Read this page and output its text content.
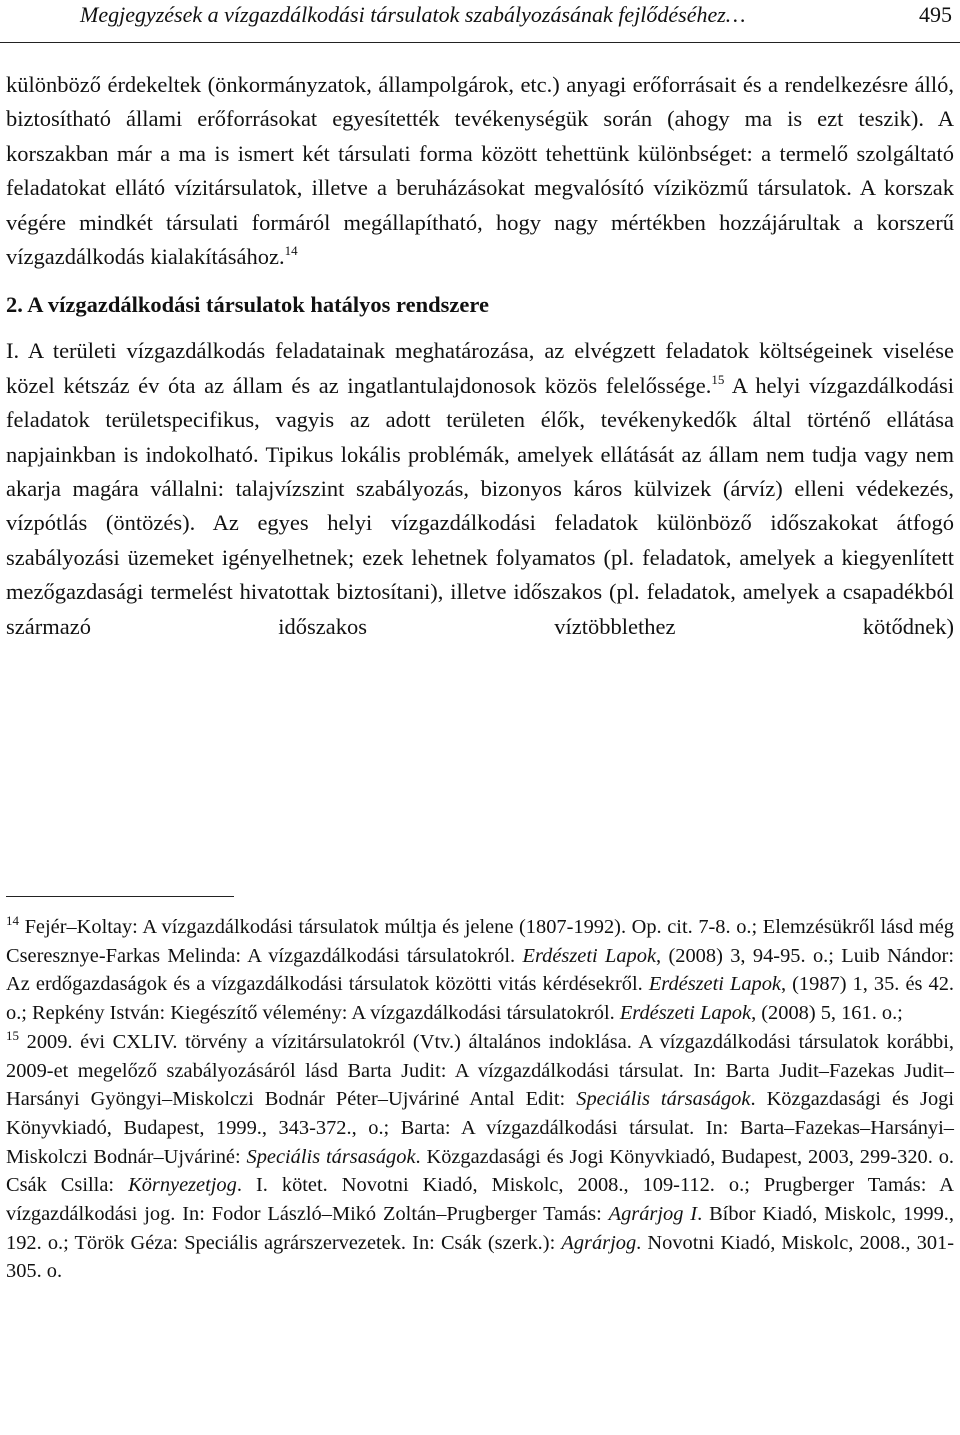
Megjegyzések a vízgazdálkodási társulatok szabályozásának fejlődéséhez…	495

különböző érdekeltek (önkormányzatok, állampolgárok, etc.) anyagi erőforrásait és a rendelkezésre álló, biztosítható állami erőforrásokat egyesítették tevékenységük során (ahogy ma is ezt teszik). A korszakban már a ma is ismert két társulati forma között tehettünk különbséget: a termelő szolgáltató feladatokat ellátó vízitársulatok, illetve a beruházásokat megvalósító víziközmű társulatok. A korszak végére mindkét társulati formáról megállapítható, hogy nagy mértékben hozzájárultak a korszerű vízgazdálkodás kialakításához.$^{14}$

2. A vízgazdálkodási társulatok hatályos rendszere

I. A területi vízgazdálkodás feladatainak meghatározása, az elvégzett feladatok költségeinek viselése közel kétszáz év óta az állam és az ingatlantulajdonosok közös felelőssége.$^{15}$ A helyi vízgazdálkodási feladatok területspecifikus, vagyis az adott területen élők, tevékenykedők által történő ellátása napjainkban is indokolható. Tipikus lokális problémák, amelyek ellátását az állam nem tudja vagy nem akarja magára vállalni: talajvízszint szabályozás, bizonyos káros külvizek (árvíz) elleni védekezés, vízpótlás (öntözés). Az egyes helyi vízgazdálkodási feladatok különböző időszakokat átfogó szabályozási üzemeket igényelhetnek; ezek lehetnek folyamatos (pl. feladatok, amelyek a kiegyenlített mezőgazdasági termelést hivatottak biztosítani), illetve időszakos (pl. feladatok, amelyek a csapadékból származó időszakos víztöbblethez kötődnek)

$^{14}$ Fejér–Koltay: A vízgazdálkodási társulatok múltja és jelene (1807-1992). Op. cit. 7-8. o.; Elemzésükről lásd még Cseresznye-Farkas Melinda: A vízgazdálkodási társulatokról. Erdészeti Lapok, (2008) 3, 94-95. o.; Luib Nándor: Az erdőgazdaságok és a vízgazdálkodási társulatok közötti vitás kérdésekről. Erdészeti Lapok, (1987) 1, 35. és 42. o.; Repkény István: Kiegészítő vélemény: A vízgazdálkodási társulatokról. Erdészeti Lapok, (2008) 5, 161. o.;

$^{15}$ 2009. évi CXLIV. törvény a vízitársulatokról (Vtv.) általános indoklása. A vízgazdálkodási társulatok korábbi, 2009-et megelőző szabályozásáról lásd Barta Judit: A vízgazdálkodási társulat. In: Barta Judit–Fazekas Judit–Harsányi Gyöngyi–Miskolczi Bodnár Péter–Ujváriné Antal Edit: Speciális társaságok. Közgazdasági és Jogi Könyvkiadó, Budapest, 1999., 343-372., o.; Barta: A vízgazdálkodási társulat. In: Barta–Fazekas–Harsányi–Miskolczi Bodnár–Ujváriné: Speciális társaságok. Közgazdasági és Jogi Könyvkiadó, Budapest, 2003, 299-320. o. Csák Csilla: Környezetjog. I. kötet. Novotni Kiadó, Miskolc, 2008., 109-112. o.; Prugberger Tamás: A vízgazdálkodási jog. In: Fodor László–Mikó Zoltán–Prugberger Tamás: Agrárjog I. Bíbor Kiadó, Miskolc, 1999., 192. o.; Török Géza: Speciális agrárszervezetek. In: Csák (szerk.): Agrárjog. Novotni Kiadó, Miskolc, 2008., 301-305. o.
